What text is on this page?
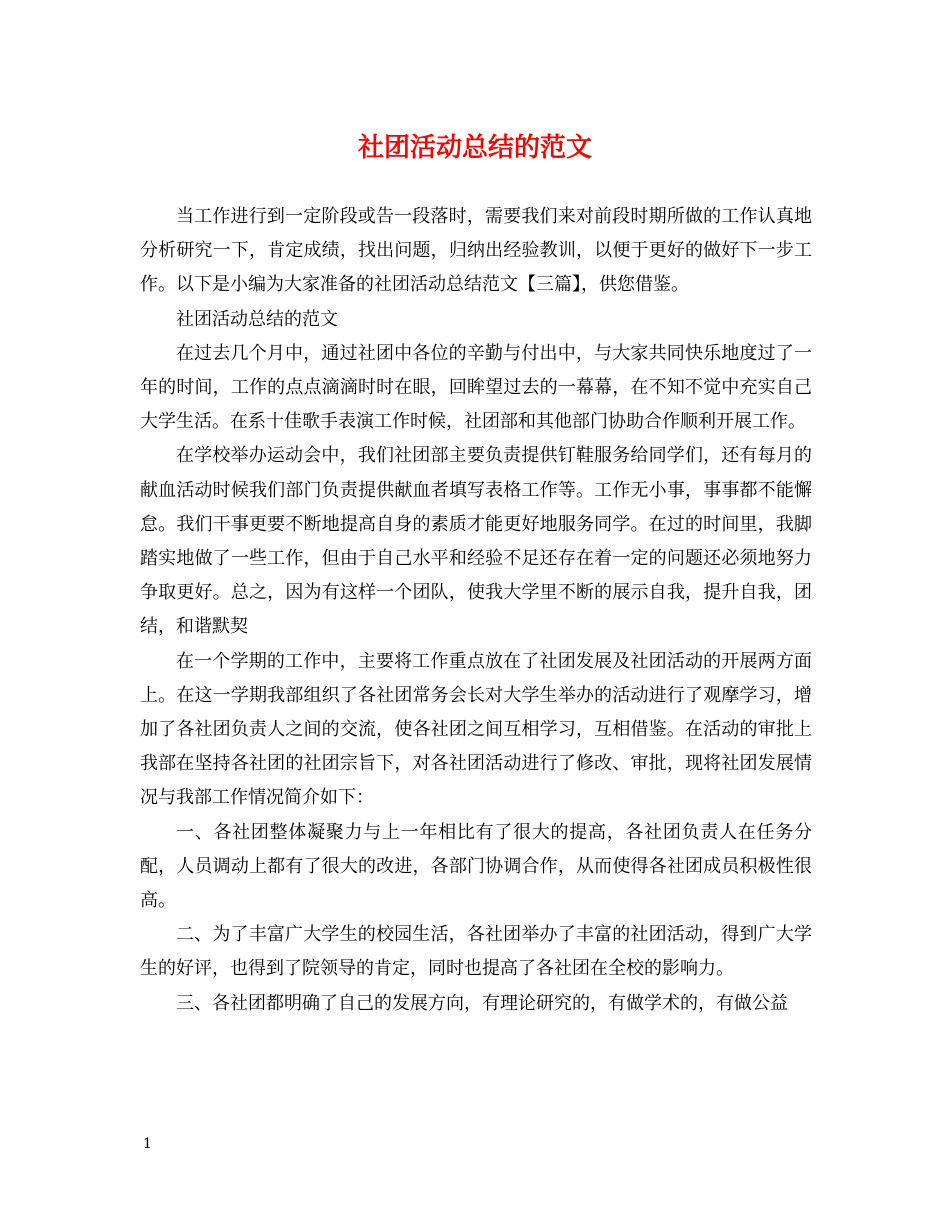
社团活动总结的范文

当工作进行到一定阶段或告一段落时，需要我们来对前段时期所做的工作认真地分析研究一下，肯定成绩，找出问题，归纳出经验教训，以便于更好的做好下一步工作。以下是小编为大家准备的社团活动总结范文【三篇】，供您借鉴。

社团活动总结的范文

在过去几个月中，通过社团中各位的辛勤与付出中，与大家共同快乐地度过了一年的时间，工作的点点滴滴时时在眼，回眸望过去的一幕幕，在不知不觉中充实自己大学生活。在系十佳歌手表演工作时候，社团部和其他部门协助合作顺利开展工作。

在学校举办运动会中，我们社团部主要负责提供钉鞋服务给同学们，还有每月的献血活动时候我们部门负责提供献血者填写表格工作等。工作无小事，事事都不能懈怠。我们干事更要不断地提高自身的素质才能更好地服务同学。在过的时间里，我脚踏实地做了一些工作，但由于自己水平和经验不足还存在着一定的问题还必须地努力争取更好。总之，因为有这样一个团队，使我大学里不断的展示自我，提升自我，团结，和谐默契

在一个学期的工作中，主要将工作重点放在了社团发展及社团活动的开展两方面上。在这一学期我部组织了各社团常务会长对大学生举办的活动进行了观摩学习，增加了各社团负责人之间的交流，使各社团之间互相学习，互相借鉴。在活动的审批上我部在坚持各社团的社团宗旨下，对各社团活动进行了修改、审批，现将社团发展情况与我部工作情况简介如下：

一、各社团整体凝聚力与上一年相比有了很大的提高，各社团负责人在任务分配，人员调动上都有了很大的改进，各部门协调合作，从而使得各社团成员积极性很高。

二、为了丰富广大学生的校园生活，各社团举办了丰富的社团活动，得到广大学生的好评，也得到了院领导的肯定，同时也提高了各社团在全校的影响力。

三、各社团都明确了自己的发展方向，有理论研究的，有做学术的，有做公益

1
